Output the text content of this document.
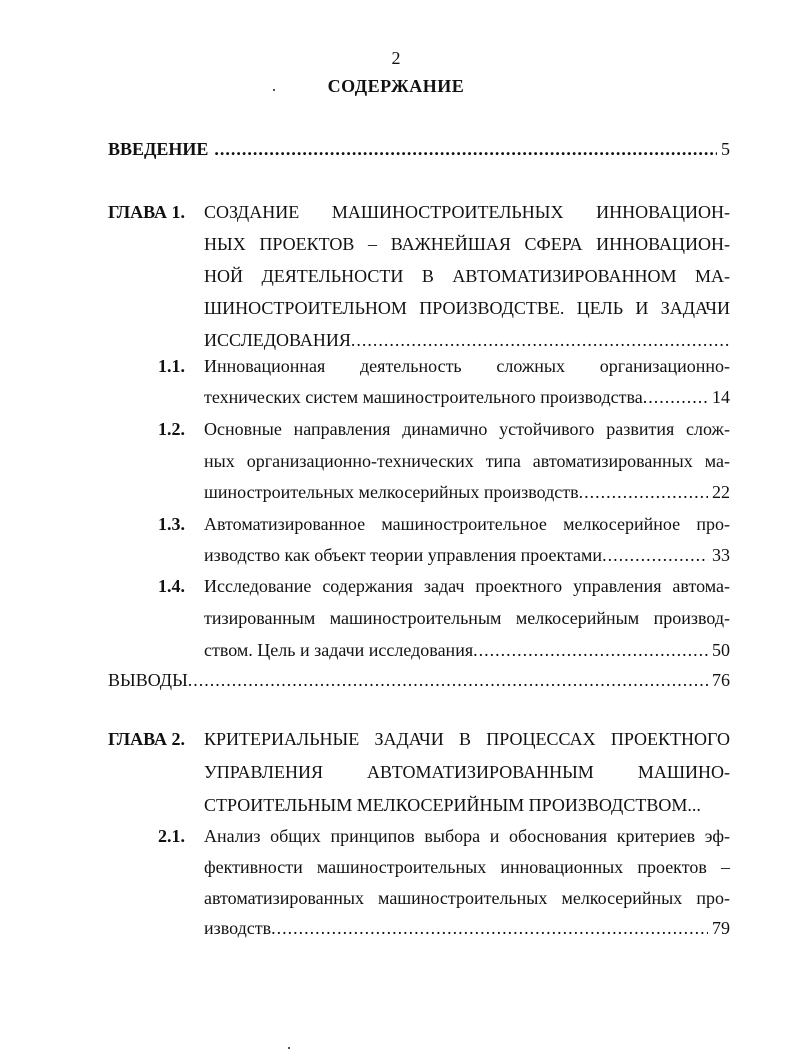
2
СОДЕРЖАНИЕ
ВВЕДЕНИЕ .....	5
ГЛАВА 1. СОЗДАНИЕ МАШИНОСТРОИТЕЛЬНЫХ ИННОВАЦИОН-
НЫХ ПРОЕКТОВ – ВАЖНЕЙШАЯ СФЕРА ИННОВАЦИОН-
НОЙ ДЕЯТЕЛЬНОСТИ В АВТОМАТИЗИРОВАННОМ МА-
ШИНОСТРОИТЕЛЬНОМ ПРОИЗВОДСТВЕ. ЦЕЛЬ И ЗАДАЧИ
ИССЛЕДОВАНИЯ
.....
1.1. Инновационная деятельность сложных организационно-
технических систем машиностроительного производства .....	14
1.2. Основные направления динамично устойчивого развития слож-
ных организационно-технических типа автоматизированных ма-
шиностроительных мелкосерийных производств .....	22
1.3. Автоматизированное машиностроительное мелкосерийное про-
изводство как объект теории управления проектами .....	33
1.4. Исследование содержания задач проектного управления автома-
тизированным машиностроительным мелкосерийным производ-
ством. Цель и задачи исследования .....	50
ВЫВОДЫ .....	76
ГЛАВА 2. КРИТЕРИАЛЬНЫЕ ЗАДАЧИ В ПРОЦЕССАХ ПРОЕКТНОГО
УПРАВЛЕНИЯ АВТОМАТИЗИРОВАННЫМ МАШИНО-
СТРОИТЕЛЬНЫМ МЕЛКОСЕРИЙНЫМ ПРОИЗВОДСТВОМ...
2.1. Анализ общих принципов выбора и обоснования критериев эф-
фективности машиностроительных инновационных проектов –
автоматизированных машиностроительных мелкосерийных про-
изводств .....	79
